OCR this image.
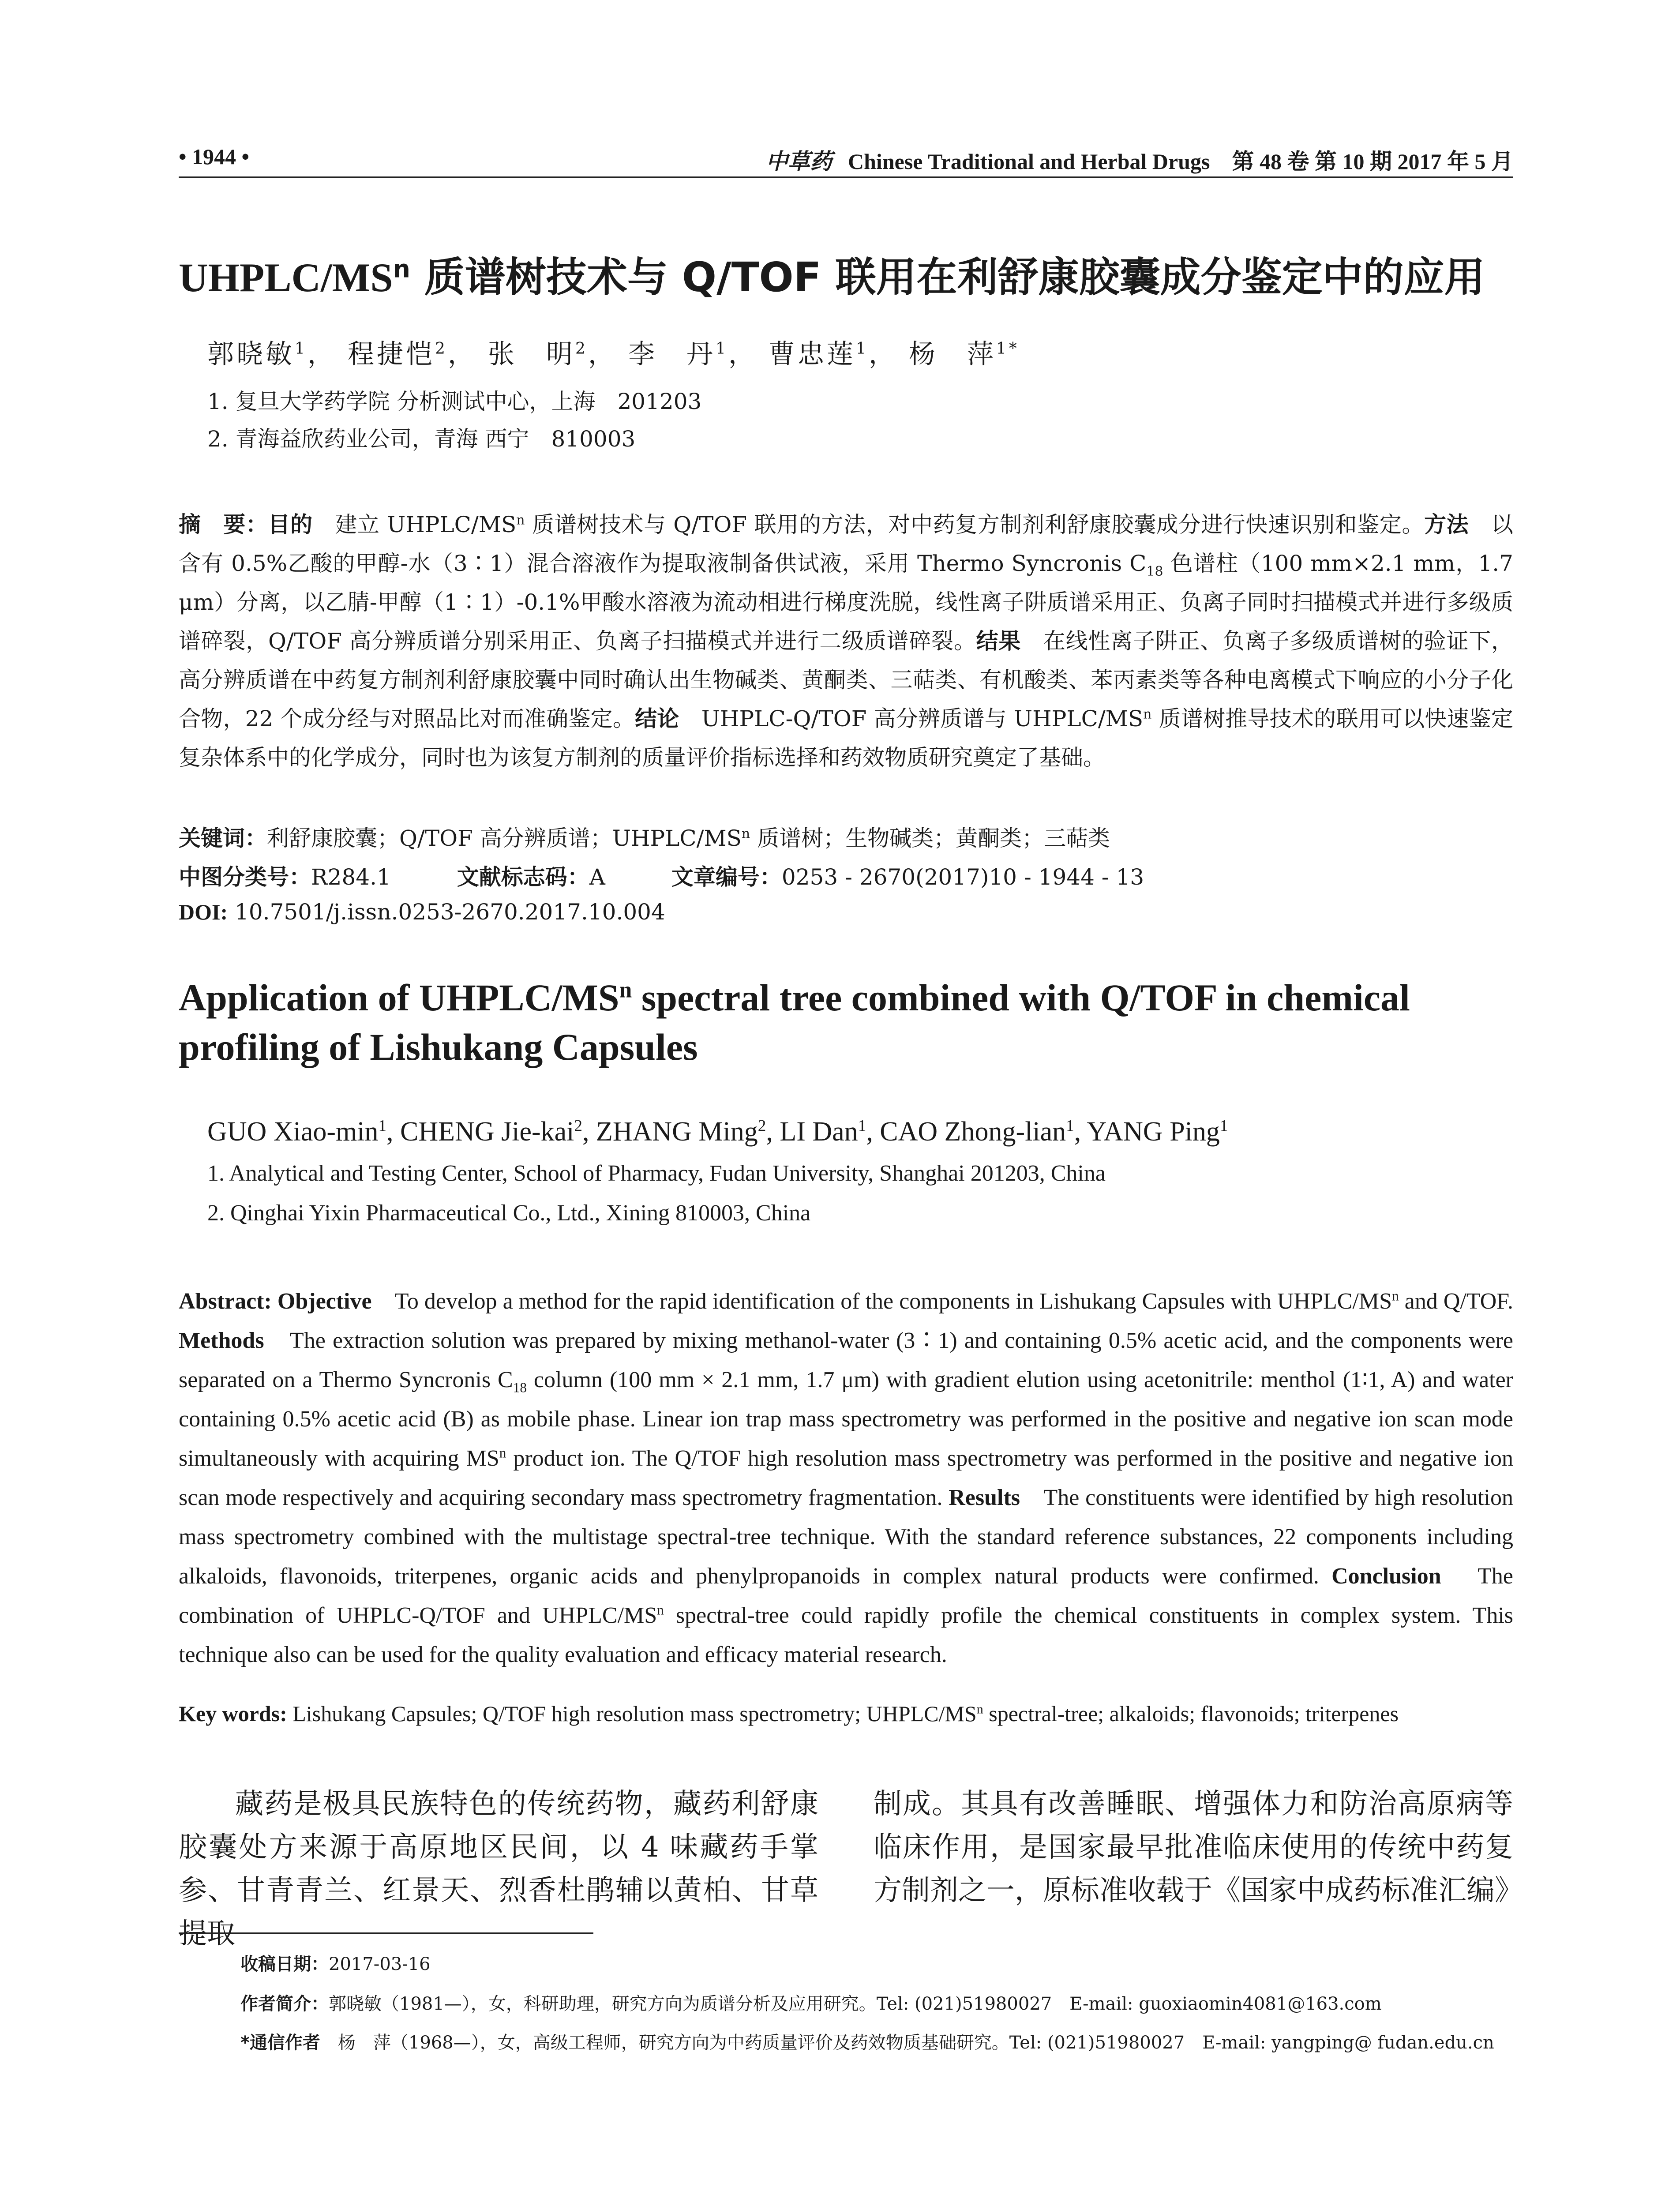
• 1944 •	中草药 Chinese Traditional and Herbal Drugs　第 48 卷 第 10 期 2017 年 5 月
UHPLC/$MS^n$ 质谱树技术与 Q/TOF 联用在利舒康胶囊成分鉴定中的应用
郭晓敏$^1$， 程捷恺$^2$， 张　明$^2$， 李　丹$^1$， 曹忠莲$^1$， 杨　萍$^{1*}$
1. 复旦大学药学院 分析测试中心，上海　201203
2. 青海益欣药业公司，青海 西宁　810003
摘　要：目的　建立 UHPLC/$MS^n$ 质谱树技术与 Q/TOF 联用的方法，对中药复方制剂利舒康胶囊成分进行快速识别和鉴定。方法　以含有 0.5%乙酸的甲醇-水（3∶1）混合溶液作为提取液制备供试液，采用 Thermo Syncronis $C_{18}$ 色谱柱（100 mm×2.1 mm，1.7 μm）分离，以乙腈-甲醇（1∶1）-0.1%甲酸水溶液为流动相进行梯度洗脱，线性离子阱质谱采用正、负离子同时扫描模式并进行多级质谱碎裂，Q/TOF 高分辨质谱分别采用正、负离子扫描模式并进行二级质谱碎裂。结果　在线性离子阱正、负离子多级质谱树的验证下，高分辨质谱在中药复方制剂利舒康胶囊中同时确认出生物碱类、黄酮类、三萜类、有机酸类、苯丙素类等各种电离模式下响应的小分子化合物，22 个成分经与对照品比对而准确鉴定。结论　UHPLC-Q/TOF 高分辨质谱与 UHPLC/$MS^n$ 质谱树推导技术的联用可以快速鉴定复杂体系中的化学成分，同时也为该复方制剂的质量评价指标选择和药效物质研究奠定了基础。
关键词：利舒康胶囊；Q/TOF 高分辨质谱；UHPLC/$MS^n$ 质谱树；生物碱类；黄酮类；三萜类
中图分类号：R284.1	文献标志码：A	文章编号：0253 - 2670(2017)10 - 1944 - 13
DOI: 10.7501/j.issn.0253-2670.2017.10.004
Application of UHPLC/$MS^n$ spectral tree combined with Q/TOF in chemical profiling of Lishukang Capsules
GUO Xiao-$\min^1$, CHENG Jie-kai$^2$, ZHANG Ming$^2$, LI Dan$^1$, CAO Zhong-lian$^1$, YANG Ping$^1$
1. Analytical and Testing Center, School of Pharmacy, Fudan University, Shanghai 201203, China
2. Qinghai Yixin Pharmaceutical Co., Ltd., Xining 810003, China
Abstract: Objective　To develop a method for the rapid identification of the components in Lishukang Capsules with UHPLC/$MS^n$ and Q/TOF. Methods　The extraction solution was prepared by mixing methanol-water (3∶1) and containing 0.5% acetic acid, and the components were separated on a Thermo Syncronis $C_{18}$ column (100 mm × 2.1 mm, 1.7 μm) with gradient elution using acetonitrile: menthol (1∶1, A) and water containing 0.5% acetic acid (B) as mobile phase. Linear ion trap mass spectrometry was performed in the positive and negative ion scan mode simultaneously with acquiring $MS^n$ product ion. The Q/TOF high resolution mass spectrometry was performed in the positive and negative ion scan mode respectively and acquiring secondary mass spectrometry fragmentation. Results　The constituents were identified by high resolution mass spectrometry combined with the multistage spectral-tree technique. With the standard reference substances, 22 components including alkaloids, flavonoids, triterpenes, organic acids and phenylpropanoids in complex natural products were confirmed. Conclusion　The combination of UHPLC-Q/TOF and UHPLC/$MS^n$ spectral-tree could rapidly profile the chemical constituents in complex system. This technique also can be used for the quality evaluation and efficacy material research.
Key words: Lishukang Capsules; Q/TOF high resolution mass spectrometry; UHPLC/$MS^n$ spectral-tree; alkaloids; flavonoids; triterpenes
藏药是极具民族特色的传统药物，藏药利舒康胶囊处方来源于高原地区民间，以 4 味藏药手掌参、甘青青兰、红景天、烈香杜鹃辅以黄柏、甘草提取
制成。其具有改善睡眠、增强体力和防治高原病等临床作用，是国家最早批准临床使用的传统中药复方制剂之一，原标准收载于《国家中成药标准汇编》
收稿日期：2017-03-16
作者简介：郭晓敏（1981—），女，科研助理，研究方向为质谱分析及应用研究。Tel: (021)51980027　E-mail: guoxiaomin4081@163.com
*通信作者　杨　萍（1968—），女，高级工程师，研究方向为中药质量评价及药效物质基础研究。Tel: (021)51980027　E-mail: yangping@ fudan.edu.cn
